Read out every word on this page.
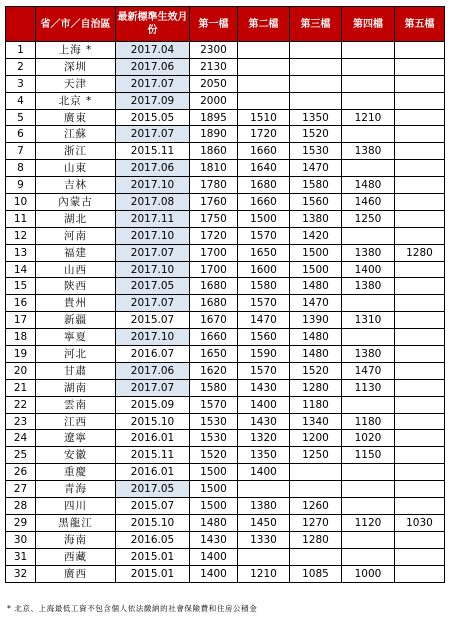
	省／市／自治區	最新標準生效月份	第一檔	第二檔	第三檔	第四檔	第五檔
1	上海 *	2017.04	2300				
2	深圳	2017.06	2130				
3	天津	2017.07	2050				
4	北京 *	2017.09	2000				
5	廣東	2015.05	1895	1510	1350	1210	
6	江蘇	2017.07	1890	1720	1520		
7	浙江	2015.11	1860	1660	1530	1380	
8	山東	2017.06	1810	1640	1470		
9	吉林	2017.10	1780	1680	1580	1480	
10	內蒙古	2017.08	1760	1660	1560	1460	
11	湖北	2017.11	1750	1500	1380	1250	
12	河南	2017.10	1720	1570	1420		
13	福建	2017.07	1700	1650	1500	1380	1280
14	山西	2017.10	1700	1600	1500	1400	
15	陝西	2017.05	1680	1580	1480	1380	
16	貴州	2017.07	1680	1570	1470		
17	新疆	2015.07	1670	1470	1390	1310	
18	寧夏	2017.10	1660	1560	1480		
19	河北	2016.07	1650	1590	1480	1380	
20	甘肅	2017.06	1620	1570	1520	1470	
21	湖南	2017.07	1580	1430	1280	1130	
22	雲南	2015.09	1570	1400	1180		
23	江西	2015.10	1530	1430	1340	1180	
24	遼寧	2016.01	1530	1320	1200	1020	
25	安徽	2015.11	1520	1350	1250	1150	
26	重慶	2016.01	1500	1400			
27	青海	2017.05	1500				
28	四川	2015.07	1500	1380	1260		
29	黑龍江	2015.10	1480	1450	1270	1120	1030
30	海南	2016.05	1430	1330	1280		
31	西藏	2015.01	1400				
32	廣西	2015.01	1400	1210	1085	1000	
* 北京、上海最低工資不包含個人依法繳納的社會保險費和住房公積金
